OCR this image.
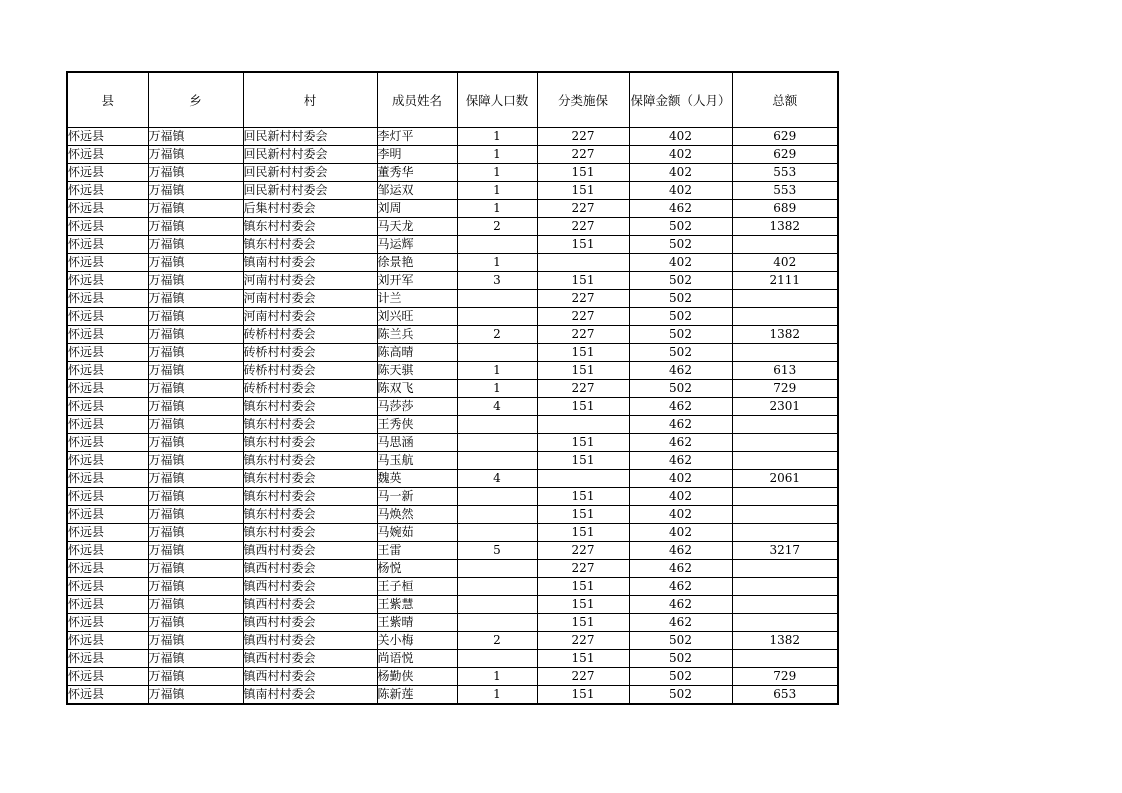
县	乡	村	成员姓名	保障人口数	分类施保	保障金额（人月）	总额
怀远县	万福镇	回民新村村委会	李灯平	1	227	402	629
怀远县	万福镇	回民新村村委会	李明	1	227	402	629
怀远县	万福镇	回民新村村委会	董秀华	1	151	402	553
怀远县	万福镇	回民新村村委会	邹运双	1	151	402	553
怀远县	万福镇	后集村村委会	刘周	1	227	462	689
怀远县	万福镇	镇东村村委会	马天龙	2	227	502	1382
怀远县	万福镇	镇东村村委会	马运辉		151	502	
怀远县	万福镇	镇南村村委会	徐景艳	1		402	402
怀远县	万福镇	河南村村委会	刘开军	3	151	502	2111
怀远县	万福镇	河南村村委会	计兰		227	502	
怀远县	万福镇	河南村村委会	刘兴旺		227	502	
怀远县	万福镇	砖桥村村委会	陈兰兵	2	227	502	1382
怀远县	万福镇	砖桥村村委会	陈高晴		151	502	
怀远县	万福镇	砖桥村村委会	陈天骐	1	151	462	613
怀远县	万福镇	砖桥村村委会	陈双飞	1	227	502	729
怀远县	万福镇	镇东村村委会	马莎莎	4	151	462	2301
怀远县	万福镇	镇东村村委会	王秀侠			462	
怀远县	万福镇	镇东村村委会	马思涵		151	462	
怀远县	万福镇	镇东村村委会	马玉航		151	462	
怀远县	万福镇	镇东村村委会	魏英	4		402	2061
怀远县	万福镇	镇东村村委会	马一新		151	402	
怀远县	万福镇	镇东村村委会	马焕然		151	402	
怀远县	万福镇	镇东村村委会	马婉茹		151	402	
怀远县	万福镇	镇西村村委会	王雷	5	227	462	3217
怀远县	万福镇	镇西村村委会	杨悦		227	462	
怀远县	万福镇	镇西村村委会	王子桓		151	462	
怀远县	万福镇	镇西村村委会	王紫慧		151	462	
怀远县	万福镇	镇西村村委会	王紫晴		151	462	
怀远县	万福镇	镇西村村委会	关小梅	2	227	502	1382
怀远县	万福镇	镇西村村委会	尚语悦		151	502	
怀远县	万福镇	镇西村村委会	杨勤侠	1	227	502	729
怀远县	万福镇	镇南村村委会	陈新莲	1	151	502	653
